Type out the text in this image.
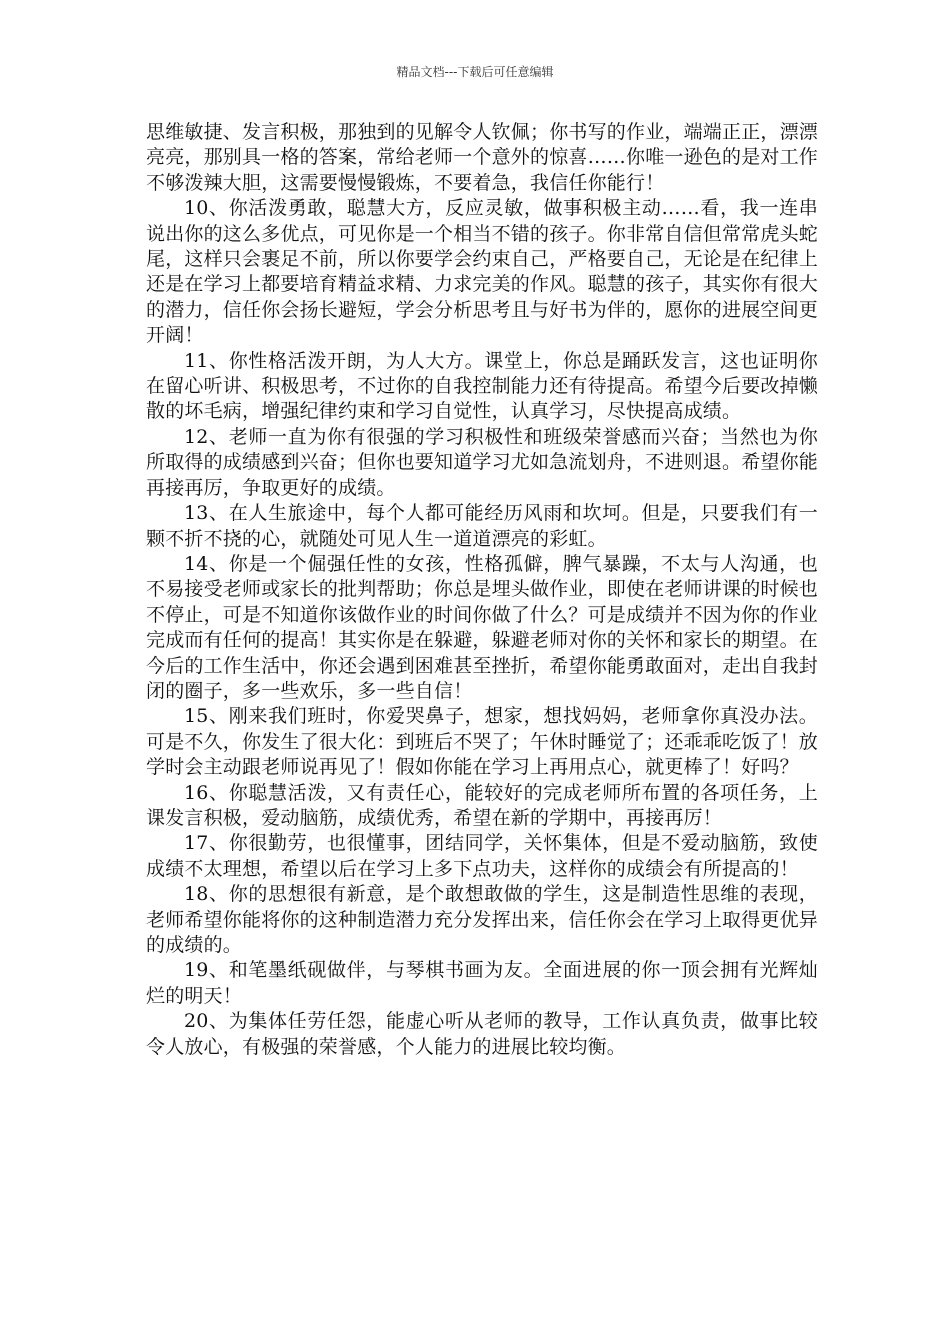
精品文档---下载后可任意编辑

思维敏捷、发言积极，那独到的见解令人钦佩；你书写的作业，端端正正，漂漂亮亮，那别具一格的答案，常给老师一个意外的惊喜……你唯一逊色的是对工作不够泼辣大胆，这需要慢慢锻炼，不要着急，我信任你能行！

10、你活泼勇敢，聪慧大方，反应灵敏，做事积极主动……看，我一连串说出你的这么多优点，可见你是一个相当不错的孩子。你非常自信但常常虎头蛇尾，这样只会裹足不前，所以你要学会约束自己，严格要自己，无论是在纪律上还是在学习上都要培育精益求精、力求完美的作风。聪慧的孩子，其实你有很大的潜力，信任你会扬长避短，学会分析思考且与好书为伴的，愿你的进展空间更开阔！

11、你性格活泼开朗，为人大方。课堂上，你总是踊跃发言，这也证明你在留心听讲、积极思考，不过你的自我控制能力还有待提高。希望今后要改掉懒散的坏毛病，增强纪律约束和学习自觉性，认真学习，尽快提高成绩。

12、老师一直为你有很强的学习积极性和班级荣誉感而兴奋；当然也为你所取得的成绩感到兴奋；但你也要知道学习尤如急流划舟，不进则退。希望你能再接再厉，争取更好的成绩。

13、在人生旅途中，每个人都可能经历风雨和坎坷。但是，只要我们有一颗不折不挠的心，就随处可见人生一道道漂亮的彩虹。

14、你是一个倔强任性的女孩，性格孤僻，脾气暴躁，不太与人沟通，也不易接受老师或家长的批判帮助；你总是埋头做作业，即使在老师讲课的时候也不停止，可是不知道你该做作业的时间你做了什么？可是成绩并不因为你的作业完成而有任何的提高！其实你是在躲避，躲避老师对你的关怀和家长的期望。在今后的工作生活中，你还会遇到困难甚至挫折，希望你能勇敢面对，走出自我封闭的圈子，多一些欢乐，多一些自信！

15、刚来我们班时，你爱哭鼻子，想家，想找妈妈，老师拿你真没办法。可是不久，你发生了很大化：到班后不哭了；午休时睡觉了；还乖乖吃饭了！放学时会主动跟老师说再见了！假如你能在学习上再用点心，就更棒了！好吗？

16、你聪慧活泼，又有责任心，能较好的完成老师所布置的各项任务，上课发言积极，爱动脑筋，成绩优秀，希望在新的学期中，再接再厉！

17、你很勤劳，也很懂事，团结同学，关怀集体，但是不爱动脑筋，致使成绩不太理想，希望以后在学习上多下点功夫，这样你的成绩会有所提高的！

18、你的思想很有新意，是个敢想敢做的学生，这是制造性思维的表现，老师希望你能将你的这种制造潜力充分发挥出来，信任你会在学习上取得更优异的成绩的。

19、和笔墨纸砚做伴，与琴棋书画为友。全面进展的你一顶会拥有光辉灿烂的明天！

20、为集体任劳任怨，能虚心听从老师的教导，工作认真负责，做事比较令人放心，有极强的荣誉感，个人能力的进展比较均衡。
